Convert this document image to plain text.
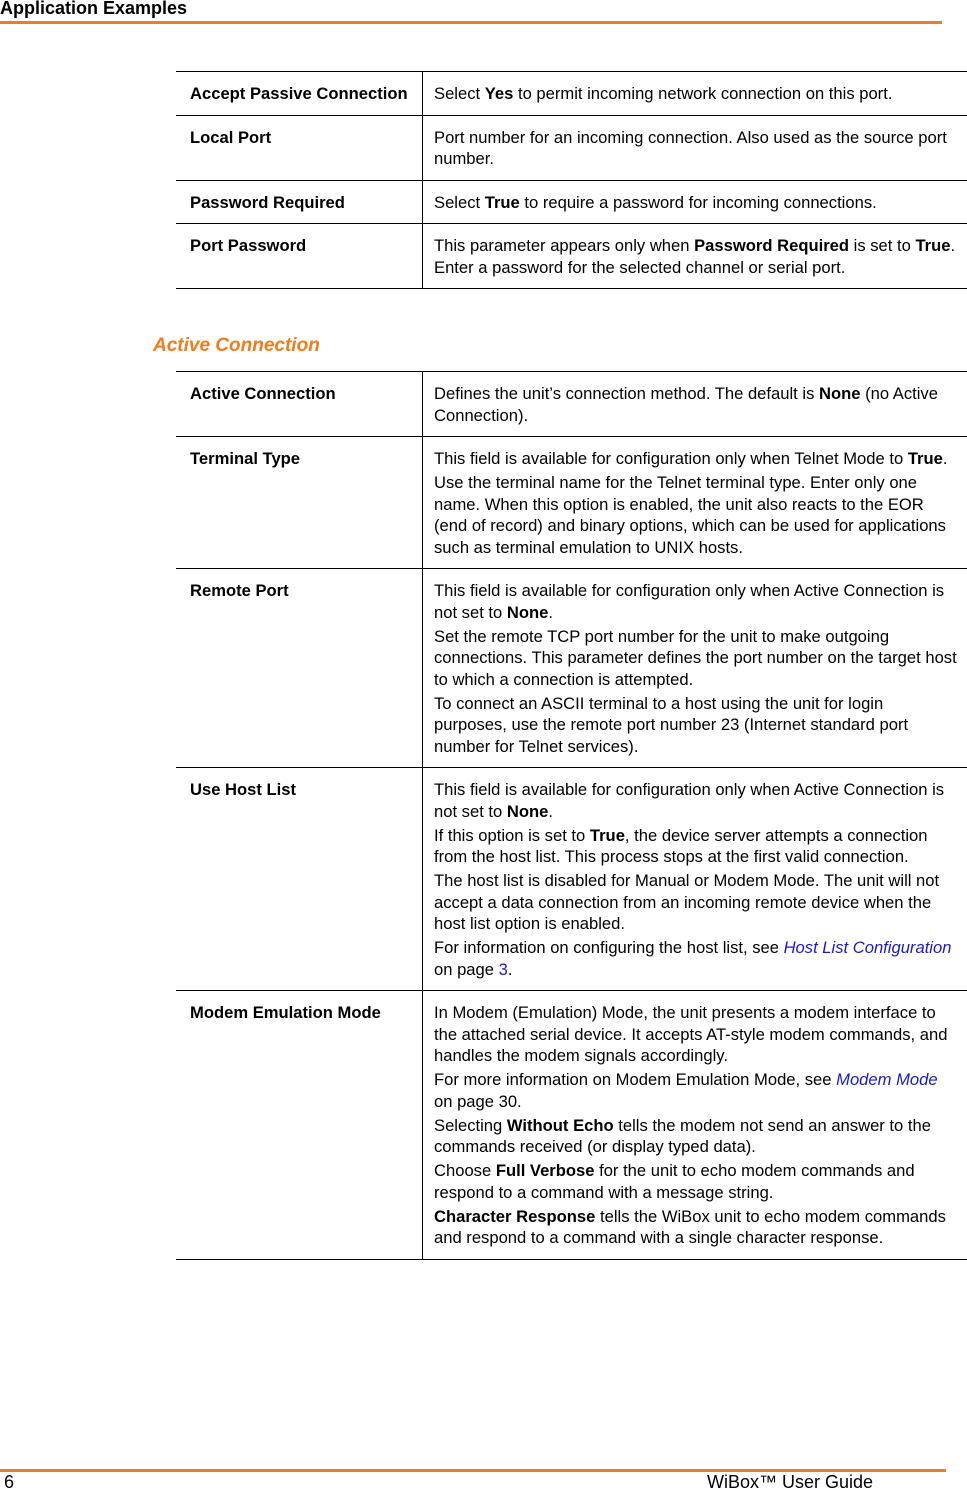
Application Examples
Accept Passive Connection	Select Yes to permit incoming network connection on this port.

Local Port	Port number for an incoming connection. Also used as the source port number.

Password Required	Select True to require a password for incoming connections.

Port Password	This parameter appears only when Password Required is set to True. Enter a password for the selected channel or serial port.

Active Connection
Active Connection	Defines the unit’s connection method. The default is None (no Active Connection).

Terminal Type	This field is available for configuration only when Telnet Mode to True.

Use the terminal name for the Telnet terminal type. Enter only one name. When this option is enabled, the unit also reacts to the EOR (end of record) and binary options, which can be used for applications such as terminal emulation to UNIX hosts.

Remote Port	This field is available for configuration only when Active Connection is not set to None.

Set the remote TCP port number for the unit to make outgoing connections. This parameter defines the port number on the target host to which a connection is attempted.

To connect an ASCII terminal to a host using the unit for login purposes, use the remote port number 23 (Internet standard port number for Telnet services).

Use Host List	This field is available for configuration only when Active Connection is not set to None.

If this option is set to True, the device server attempts a connection from the host list. This process stops at the first valid connection.

The host list is disabled for Manual or Modem Mode. The unit will not accept a data connection from an incoming remote device when the host list option is enabled.

For information on configuring the host list, see Host List Configuration on page 3.

Modem Emulation Mode	In Modem (Emulation) Mode, the unit presents a modem interface to the attached serial device. It accepts AT-style modem commands, and handles the modem signals accordingly.

For more information on Modem Emulation Mode, see Modem Mode on page 30.

Selecting Without Echo tells the modem not send an answer to the commands received (or display typed data).

Choose Full Verbose for the unit to echo modem commands and respond to a command with a message string.

Character Response tells the WiBox unit to echo modem commands and respond to a command with a single character response.

6	WiBox™ User Guide
